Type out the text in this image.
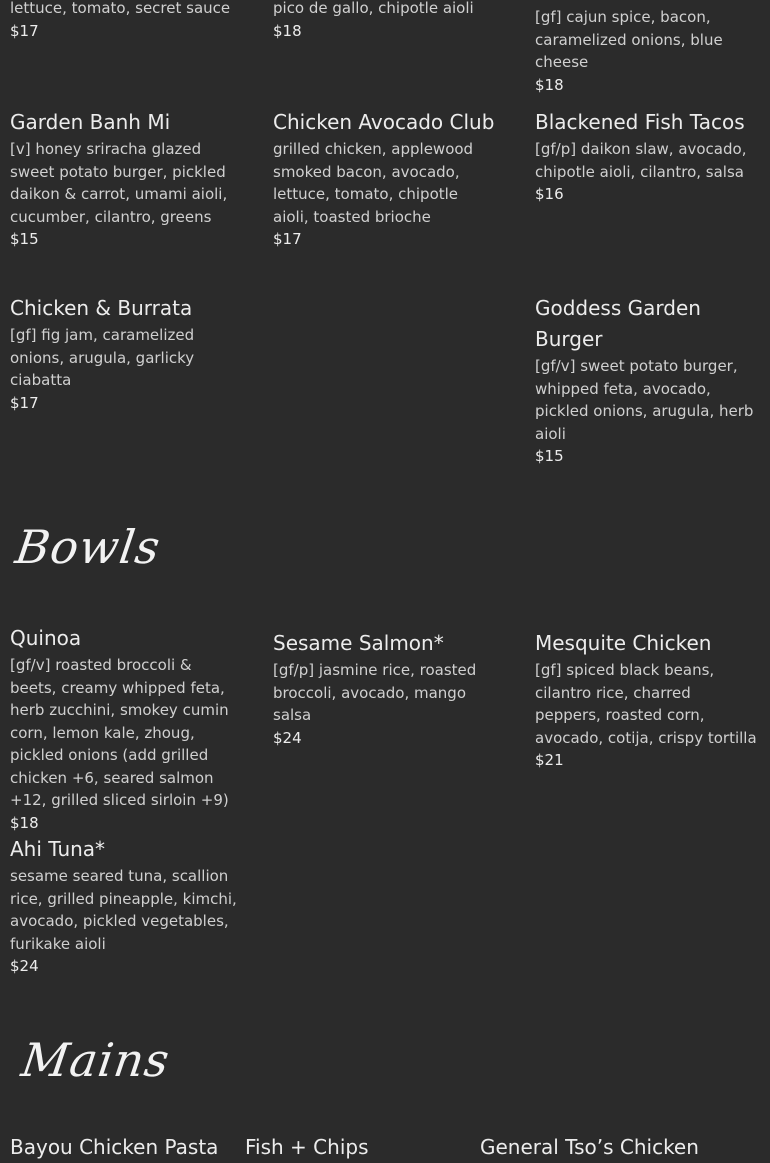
lettuce, tomato, secret sauce
$17
pico de gallo, chipotle aioli
$18
[gf] cajun spice, bacon, caramelized onions, blue cheese
$18
Garden Banh Mi
[v] honey sriracha glazed sweet potato burger, pickled daikon & carrot, umami aioli, cucumber, cilantro, greens
$15
Chicken Avocado Club
grilled chicken, applewood smoked bacon, avocado, lettuce, tomato, chipotle aioli, toasted brioche
$17
Blackened Fish Tacos
[gf/p] daikon slaw, avocado, chipotle aioli, cilantro, salsa
$16
Chicken & Burrata
[gf] fig jam, caramelized onions, arugula, garlicky ciabatta
$17
Goddess Garden Burger
[gf/v] sweet potato burger, whipped feta, avocado, pickled onions, arugula, herb aioli
$15
Bowls
Quinoa
[gf/v] roasted broccoli & beets, creamy whipped feta, herb zucchini, smokey cumin corn, lemon kale, zhoug, pickled onions (add grilled chicken +6, seared salmon +12, grilled sliced sirloin +9)
$18
Sesame Salmon*
[gf/p] jasmine rice, roasted broccoli, avocado, mango salsa
$24
Mesquite Chicken
[gf] spiced black beans, cilantro rice, charred peppers, roasted corn, avocado, cotija, crispy tortilla
$21
Ahi Tuna*
sesame seared tuna, scallion rice, grilled pineapple, kimchi, avocado, pickled vegetables, furikake aioli
$24
Mains
Bayou Chicken Pasta	Fish + Chips	General Tso’s Chicken
